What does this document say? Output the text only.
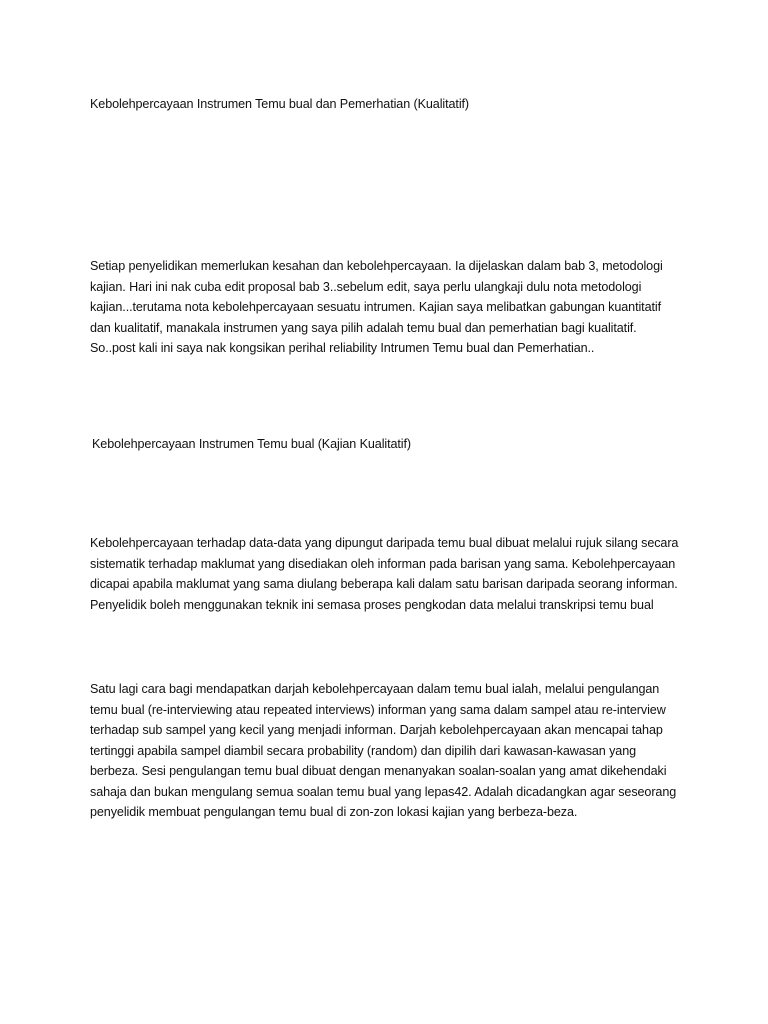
Kebolehpercayaan Instrumen Temu bual dan Pemerhatian (Kualitatif)

Setiap penyelidikan memerlukan kesahan dan kebolehpercayaan. Ia dijelaskan dalam bab 3, metodologi kajian. Hari ini nak cuba edit proposal bab 3..sebelum edit, saya perlu ulangkaji dulu nota metodologi kajian...terutama nota kebolehpercayaan sesuatu intrumen. Kajian saya melibatkan gabungan kuantitatif dan kualitatif, manakala instrumen yang saya pilih adalah temu bual dan pemerhatian bagi kualitatif. So..post kali ini saya nak kongsikan perihal reliability Intrumen Temu bual dan Pemerhatian..

Kebolehpercayaan Instrumen Temu bual (Kajian Kualitatif)

Kebolehpercayaan terhadap data-data yang dipungut daripada temu bual dibuat melalui rujuk silang secara sistematik terhadap maklumat yang disediakan oleh informan pada barisan yang sama. Kebolehpercayaan dicapai apabila maklumat yang sama diulang beberapa kali dalam satu barisan daripada seorang informan. Penyelidik boleh menggunakan teknik ini semasa proses pengkodan data melalui transkripsi temu bual

Satu lagi cara bagi mendapatkan darjah kebolehpercayaan dalam temu bual ialah, melalui pengulangan temu bual (re-interviewing atau repeated interviews) informan yang sama dalam sampel atau re-interview terhadap sub sampel yang kecil yang menjadi informan. Darjah kebolehpercayaan akan mencapai tahap tertinggi apabila sampel diambil secara probability (random) dan dipilih dari kawasan-kawasan yang berbeza. Sesi pengulangan temu bual dibuat dengan menanyakan soalan-soalan yang amat dikehendaki sahaja dan bukan mengulang semua soalan temu bual yang lepas42. Adalah dicadangkan agar seseorang penyelidik membuat pengulangan temu bual di zon-zon lokasi kajian yang berbeza-beza.
